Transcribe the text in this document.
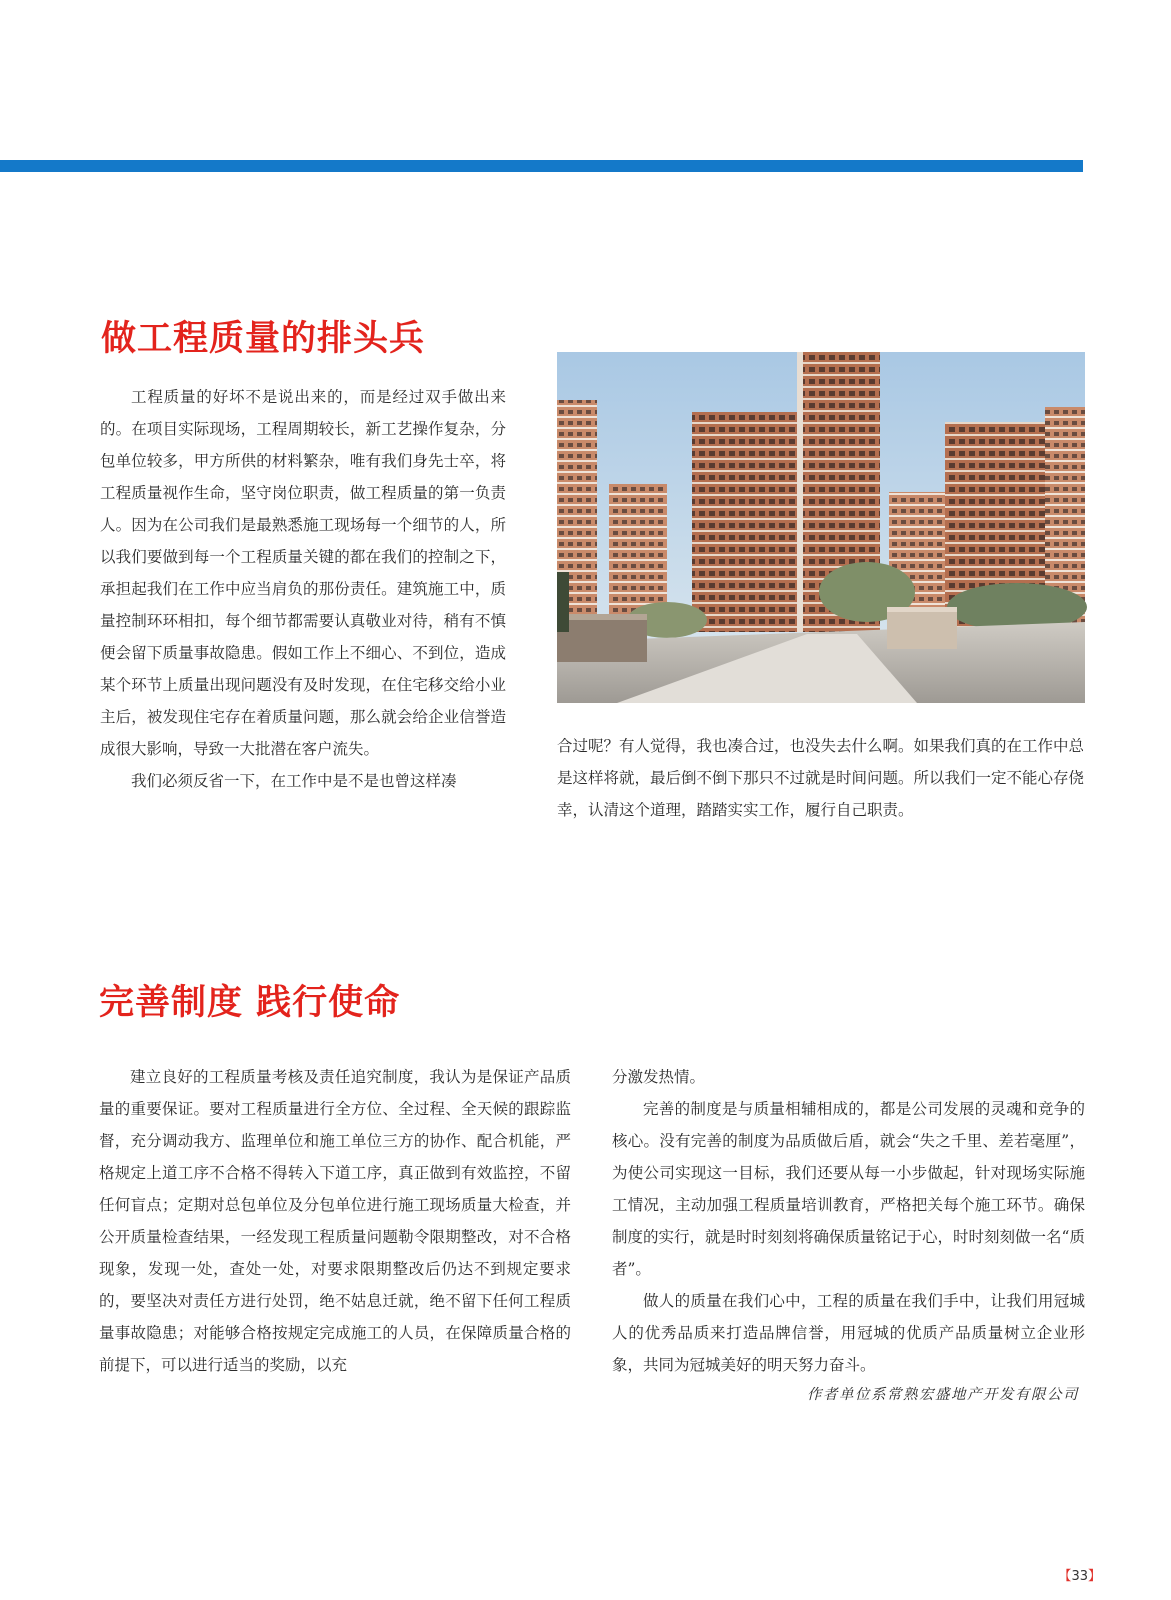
做工程质量的排头兵

工程质量的好坏不是说出来的，而是经过双手做出来的。在项目实际现场，工程周期较长，新工艺操作复杂，分包单位较多，甲方所供的材料繁杂，唯有我们身先士卒，将工程质量视作生命，坚守岗位职责，做工程质量的第一负责人。因为在公司我们是最熟悉施工现场每一个细节的人，所以我们要做到每一个工程质量关键的都在我们的控制之下，承担起我们在工作中应当肩负的那份责任。建筑施工中，质量控制环环相扣，每个细节都需要认真敬业对待，稍有不慎便会留下质量事故隐患。假如工作上不细心、不到位，造成某个环节上质量出现问题没有及时发现，在住宅移交给小业主后，被发现住宅存在着质量问题，那么就会给企业信誉造成很大影响，导致一大批潜在客户流失。

我们必须反省一下，在工作中是不是也曾这样凑

合过呢？有人觉得，我也凑合过，也没失去什么啊。如果我们真的在工作中总是这样将就，最后倒不倒下那只不过就是时间问题。所以我们一定不能心存侥幸，认清这个道理，踏踏实实工作，履行自己职责。

完善制度 践行使命

建立良好的工程质量考核及责任追究制度，我认为是保证产品质量的重要保证。要对工程质量进行全方位、全过程、全天候的跟踪监督，充分调动我方、监理单位和施工单位三方的协作、配合机能，严格规定上道工序不合格不得转入下道工序，真正做到有效监控，不留任何盲点；定期对总包单位及分包单位进行施工现场质量大检查，并公开质量检查结果，一经发现工程质量问题勒令限期整改，对不合格现象，发现一处，查处一处，对要求限期整改后仍达不到规定要求的，要坚决对责任方进行处罚，绝不姑息迁就，绝不留下任何工程质量事故隐患；对能够合格按规定完成施工的人员，在保障质量合格的前提下，可以进行适当的奖励，以充

分激发热情。

完善的制度是与质量相辅相成的，都是公司发展的灵魂和竞争的核心。没有完善的制度为品质做后盾，就会“失之千里、差若毫厘”，为使公司实现这一目标，我们还要从每一小步做起，针对现场实际施工情况，主动加强工程质量培训教育，严格把关每个施工环节。确保制度的实行，就是时时刻刻将确保质量铭记于心，时时刻刻做一名“质者”。

做人的质量在我们心中，工程的质量在我们手中，让我们用冠城人的优秀品质来打造品牌信誉，用冠城的优质产品质量树立企业形象，共同为冠城美好的明天努力奋斗。

作者单位系常熟宏盛地产开发有限公司
【33】
